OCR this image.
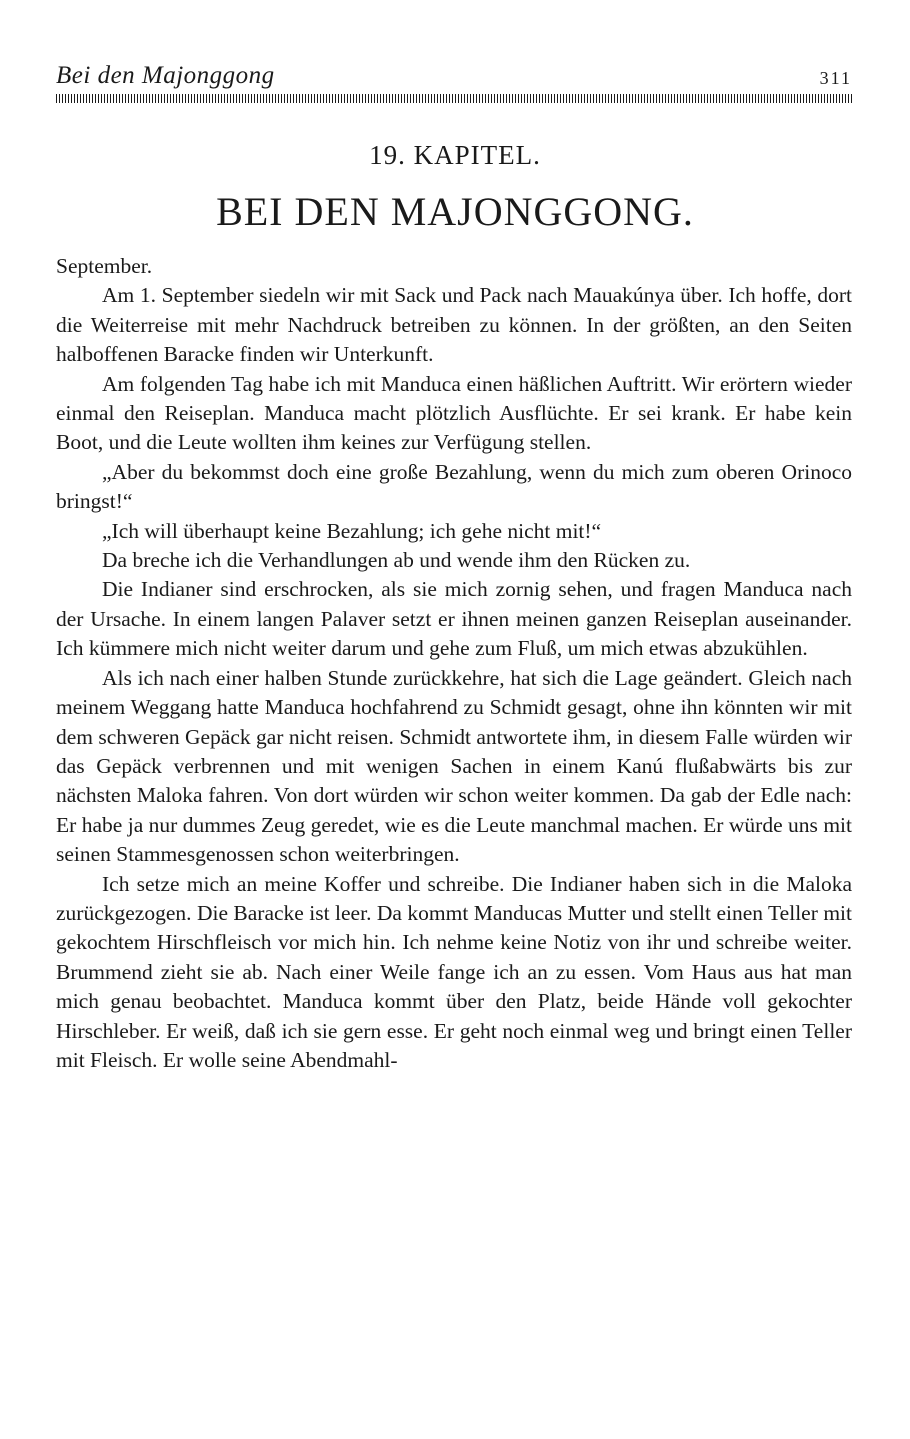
Bei den Majonggong	311
19. KAPITEL.
BEI DEN MAJONGGONG.

September.

Am 1. September siedeln wir mit Sack und Pack nach Mauakúnya über. Ich hoffe, dort die Weiterreise mit mehr Nachdruck betreiben zu können. In der größten, an den Seiten halboffenen Baracke finden wir Unterkunft.

Am folgenden Tag habe ich mit Manduca einen häßlichen Auftritt. Wir erörtern wieder einmal den Reiseplan. Manduca macht plötzlich Ausflüchte. Er sei krank. Er habe kein Boot, und die Leute wollten ihm keines zur Verfügung stellen.

„Aber du bekommst doch eine große Bezahlung, wenn du mich zum oberen Orinoco bringst!“

„Ich will überhaupt keine Bezahlung; ich gehe nicht mit!“

Da breche ich die Verhandlungen ab und wende ihm den Rücken zu.

Die Indianer sind erschrocken, als sie mich zornig sehen, und fragen Manduca nach der Ursache. In einem langen Palaver setzt er ihnen meinen ganzen Reiseplan auseinander. Ich kümmere mich nicht weiter darum und gehe zum Fluß, um mich etwas abzukühlen.

Als ich nach einer halben Stunde zurückkehre, hat sich die Lage geändert. Gleich nach meinem Weggang hatte Manduca hochfahrend zu Schmidt gesagt, ohne ihn könnten wir mit dem schweren Gepäck gar nicht reisen. Schmidt antwortete ihm, in diesem Falle würden wir das Gepäck verbrennen und mit wenigen Sachen in einem Kanú flußabwärts bis zur nächsten Maloka fahren. Von dort würden wir schon weiter kommen. Da gab der Edle nach: Er habe ja nur dummes Zeug geredet, wie es die Leute manchmal machen. Er würde uns mit seinen Stammesgenossen schon weiterbringen.

Ich setze mich an meine Koffer und schreibe. Die Indianer haben sich in die Maloka zurückgezogen. Die Baracke ist leer. Da kommt Manducas Mutter und stellt einen Teller mit gekochtem Hirschfleisch vor mich hin. Ich nehme keine Notiz von ihr und schreibe weiter. Brummend zieht sie ab. Nach einer Weile fange ich an zu essen. Vom Haus aus hat man mich genau beobachtet. Manduca kommt über den Platz, beide Hände voll gekochter Hirschleber. Er weiß, daß ich sie gern esse. Er geht noch einmal weg und bringt einen Teller mit Fleisch. Er wolle seine Abendmahl-
